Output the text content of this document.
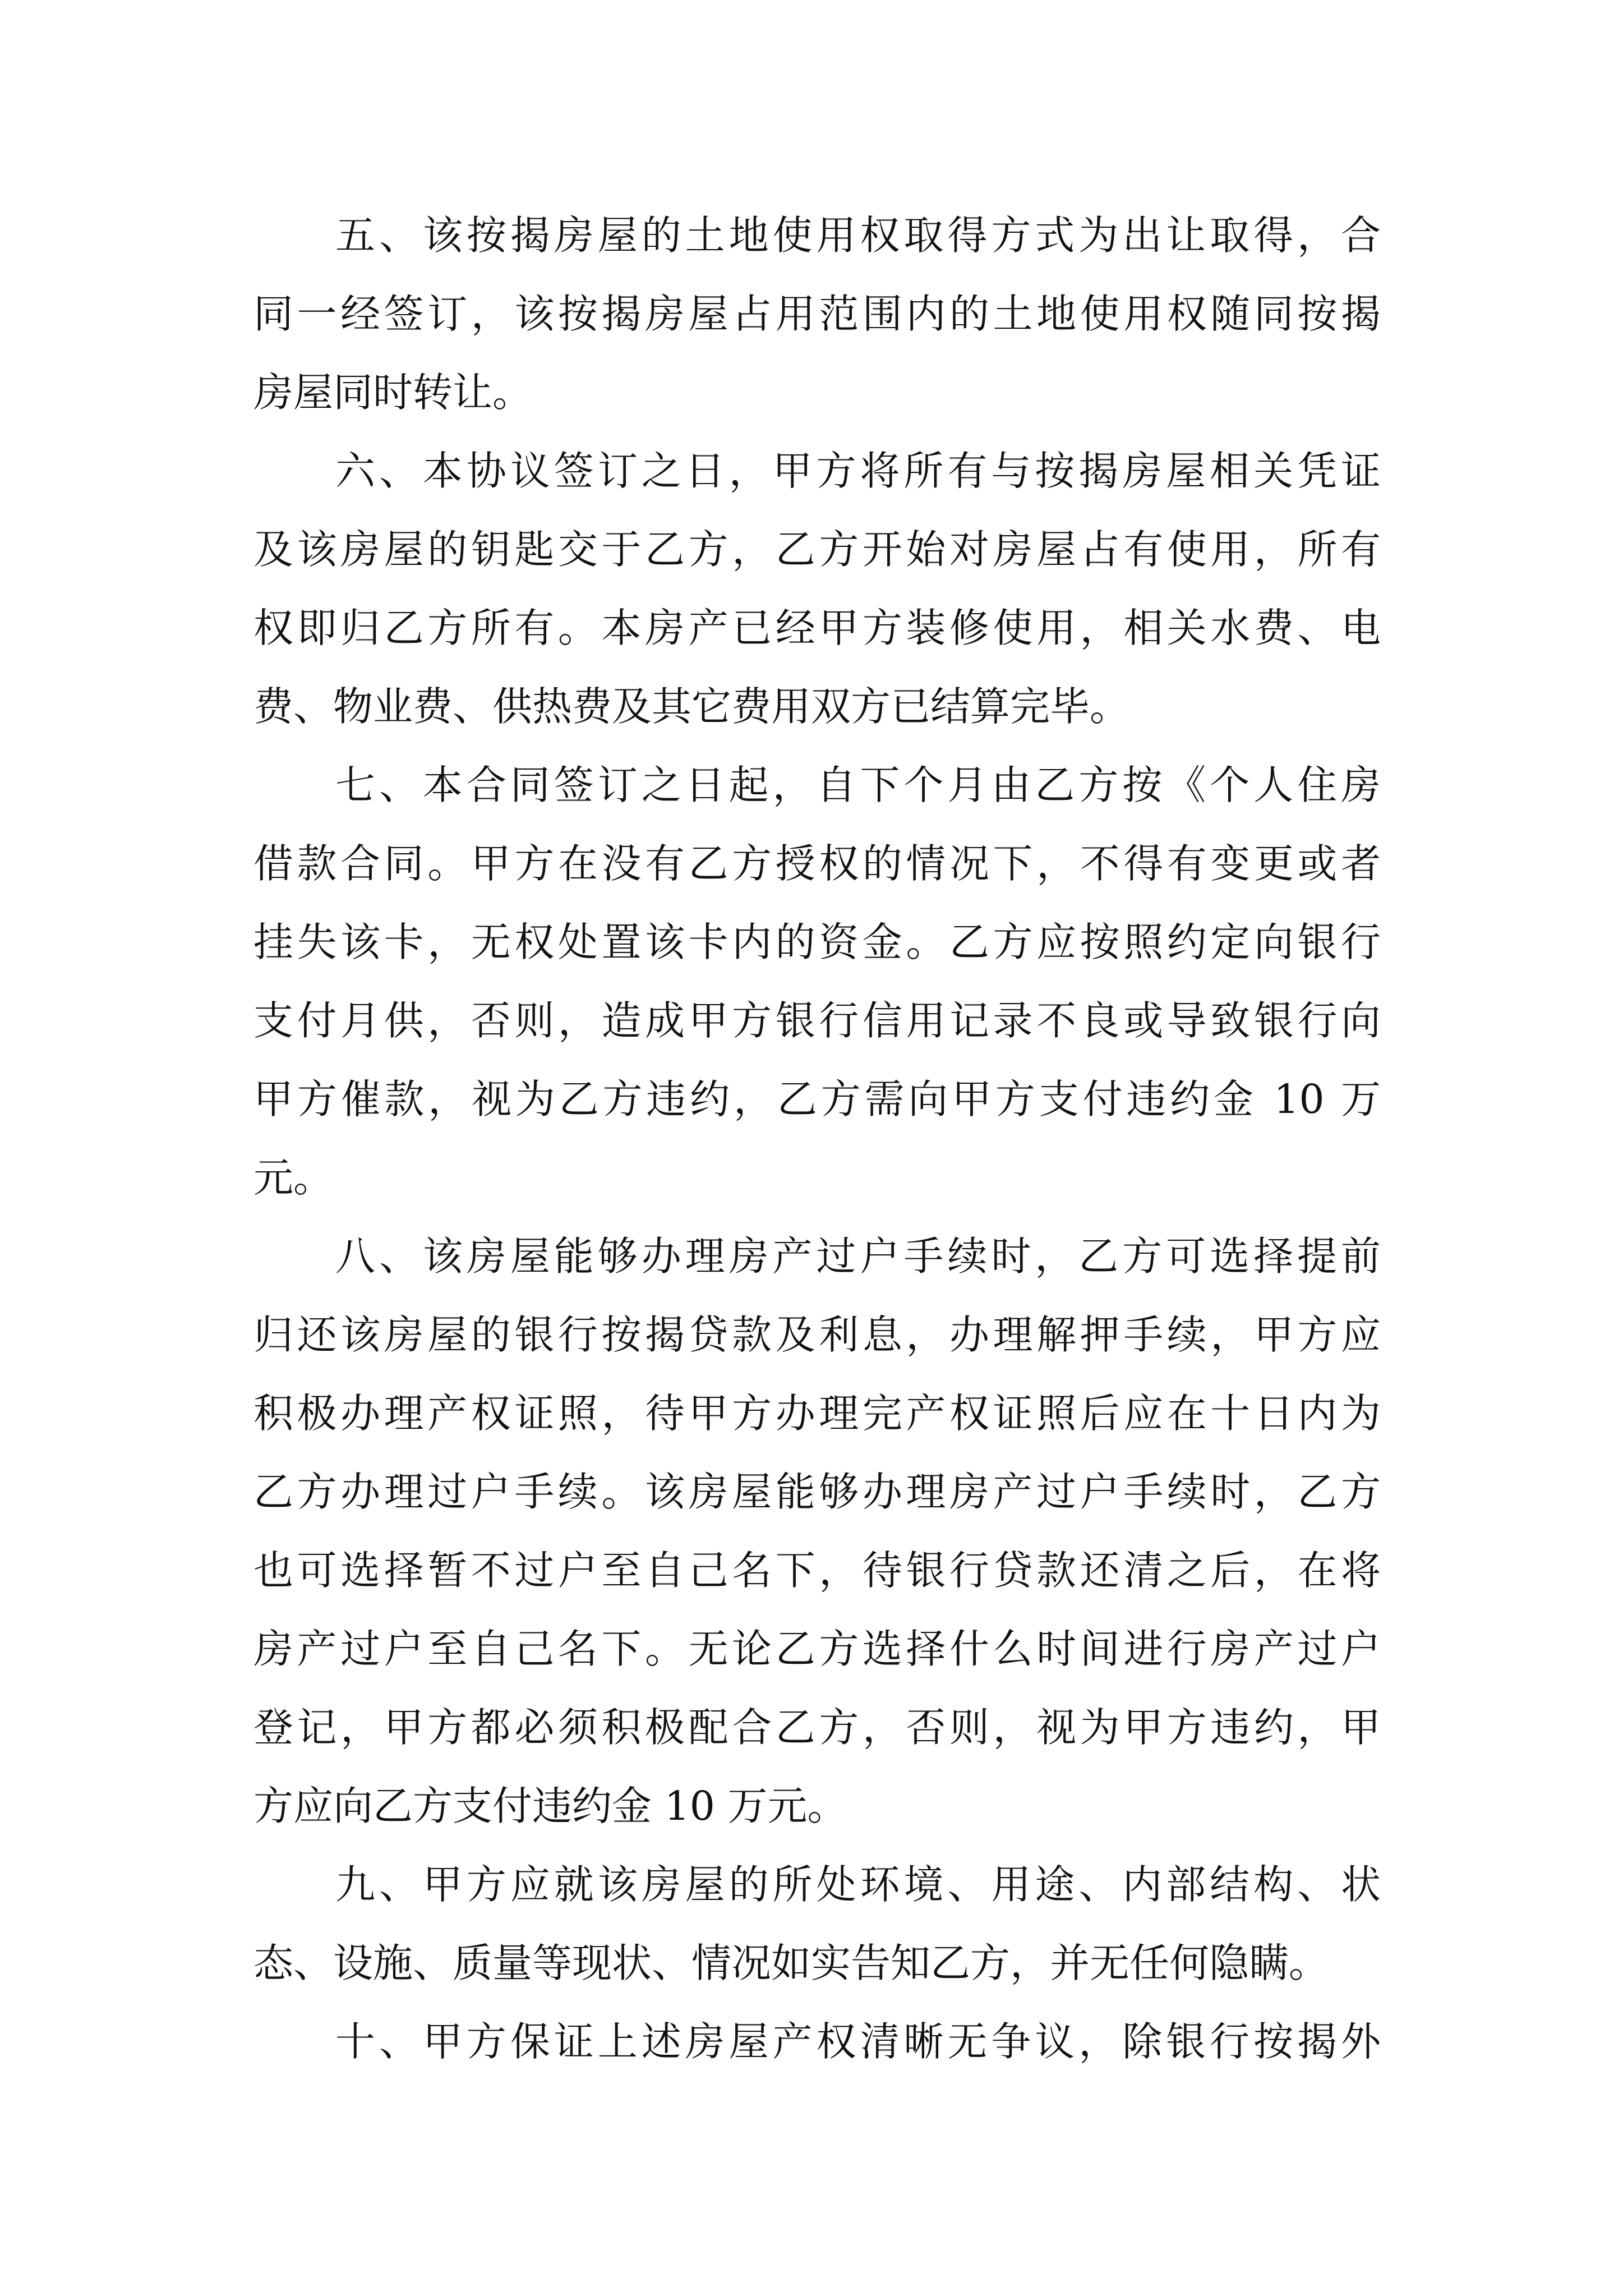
五、该按揭房屋的土地使用权取得方式为出让取得，合
同一经签订，该按揭房屋占用范围内的土地使用权随同按揭
房屋同时转让。
六、本协议签订之日，甲方将所有与按揭房屋相关凭证
及该房屋的钥匙交于乙方，乙方开始对房屋占有使用，所有
权即归乙方所有。本房产已经甲方装修使用，相关水费、电
费、物业费、供热费及其它费用双方已结算完毕。
七、本合同签订之日起，自下个月由乙方按《个人住房
借款合同。甲方在没有乙方授权的情况下，不得有变更或者
挂失该卡，无权处置该卡内的资金。乙方应按照约定向银行
支付月供，否则，造成甲方银行信用记录不良或导致银行向
甲方催款，视为乙方违约，乙方需向甲方支付违约金 10 万
元。
八、该房屋能够办理房产过户手续时，乙方可选择提前
归还该房屋的银行按揭贷款及利息，办理解押手续，甲方应
积极办理产权证照，待甲方办理完产权证照后应在十日内为
乙方办理过户手续。该房屋能够办理房产过户手续时，乙方
也可选择暂不过户至自己名下，待银行贷款还清之后，在将
房产过户至自己名下。无论乙方选择什么时间进行房产过户
登记，甲方都必须积极配合乙方，否则，视为甲方违约，甲
方应向乙方支付违约金 10 万元。
九、甲方应就该房屋的所处环境、用途、内部结构、状
态、设施、质量等现状、情况如实告知乙方，并无任何隐瞒。
十、甲方保证上述房屋产权清晰无争议，除银行按揭外
